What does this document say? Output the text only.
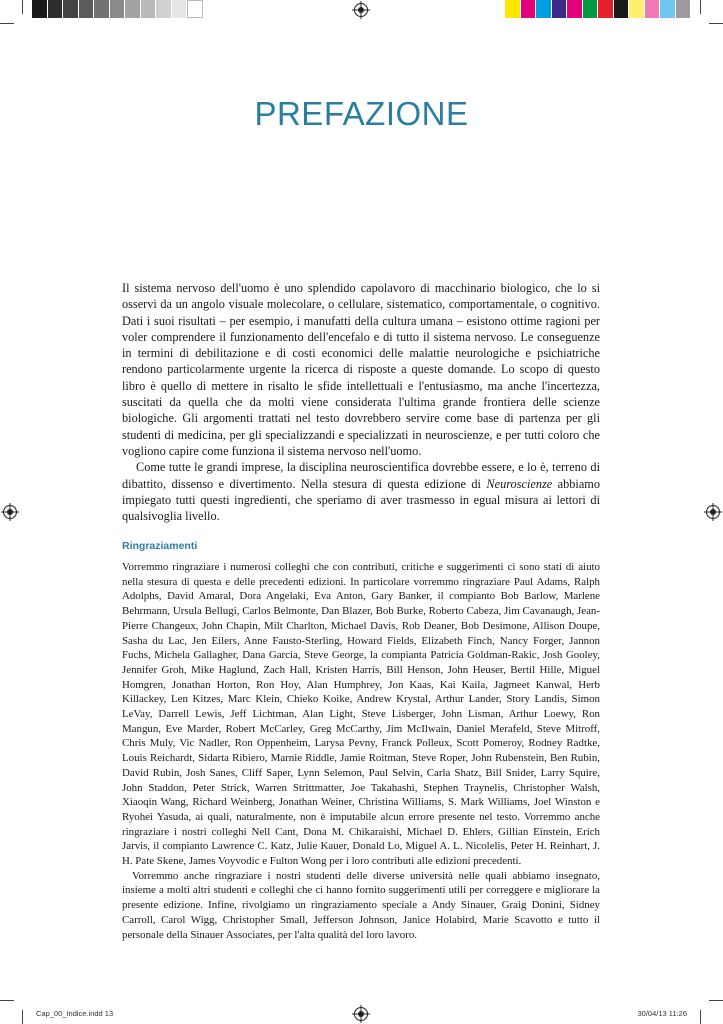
PREFAZIONE

Il sistema nervoso dell'uomo è uno splendido capolavoro di macchinario biologico, che lo si osservi da un angolo visuale molecolare, o cellulare, sistematico, comportamentale, o cognitivo. Dati i suoi risultati – per esempio, i manufatti della cultura umana – esistono ottime ragioni per voler comprendere il funzionamento dell'encefalo e di tutto il sistema nervoso. Le conseguenze in termini di debilitazione e di costi economici delle malattie neurologiche e psichiatriche rendono particolarmente urgente la ricerca di risposte a queste domande. Lo scopo di questo libro è quello di mettere in risalto le sfide intellettuali e l'entusiasmo, ma anche l'incertezza, suscitati da quella che da molti viene considerata l'ultima grande frontiera delle scienze biologiche. Gli argomenti trattati nel testo dovrebbero servire come base di partenza per gli studenti di medicina, per gli specializzandi e specializzati in neuroscienze, e per tutti coloro che vogliono capire come funziona il sistema nervoso nell'uomo.

Come tutte le grandi imprese, la disciplina neuroscientifica dovrebbe essere, e lo è, terreno di dibattito, dissenso e divertimento. Nella stesura di questa edizione di Neuroscienze abbiamo impiegato tutti questi ingredienti, che speriamo di aver trasmesso in egual misura ai lettori di qualsivoglia livello.

Ringraziamenti

Vorremmo ringraziare i numerosi colleghi che con contributi, critiche e suggerimenti ci sono stati di aiuto nella stesura di questa e delle precedenti edizioni. In particolare vorremmo ringraziare Paul Adams, Ralph Adolphs, David Amaral, Dora Angelaki, Eva Anton, Gary Banker, il compianto Bob Barlow, Marlene Behrmann, Ursula Bellugi, Carlos Belmonte, Dan Blazer, Bob Burke, Roberto Cabeza, Jim Cavanaugh, Jean-Pierre Changeux, John Chapin, Milt Charlton, Michael Davis, Rob Deaner, Bob Desimone, Allison Doupe, Sasha du Lac, Jen Eilers, Anne Fausto-Sterling, Howard Fields, Elizabeth Finch, Nancy Forger, Jannon Fuchs, Michela Gallagher, Dana Garcia, Steve George, la compianta Patricia Goldman-Rakic, Josh Gooley, Jennifer Groh, Mike Haglund, Zach Hall, Kristen Harris, Bill Henson, John Heuser, Bertil Hille, Miguel Homgren, Jonathan Horton, Ron Hoy, Alan Humphrey, Jon Kaas, Kai Kaila, Jagmeet Kanwal, Herb Killackey, Len Kitzes, Marc Klein, Chieko Koike, Andrew Krystal, Arthur Lander, Story Landis, Simon LeVay, Darrell Lewis, Jeff Lichtman, Alan Light, Steve Lisberger, John Lisman, Arthur Loewy, Ron Mangun, Eve Marder, Robert McCarley, Greg McCarthy, Jim McIlwain, Daniel Merafeld, Steve Mitroff, Chris Muly, Vic Nadler, Ron Oppenheim, Larysa Pevny, Franck Polleux, Scott Pomeroy, Rodney Radtke, Louis Reichardt, Sidarta Ribiero, Marnie Riddle, Jamie Roitman, Steve Roper, John Rubenstein, Ben Rubin, David Rubin, Josh Sanes, Cliff Saper, Lynn Selemon, Paul Selvin, Carla Shatz, Bill Snider, Larry Squire, John Staddon, Peter Strick, Warren Strittmatter, Joe Takahashi, Stephen Traynelis, Christopher Walsh, Xiaoqin Wang, Richard Weinberg, Jonathan Weiner, Christina Williams, S. Mark Williams, Joel Winston e Ryohei Yasuda, ai quali, naturalmente, non è imputabile alcun errore presente nel testo. Vorremmo anche ringraziare i nostri colleghi Nell Cant, Dona M. Chikaraishi, Michael D. Ehlers, Gillian Einstein, Erich Jarvis, il compianto Lawrence C. Katz, Julie Kauer, Donald Lo, Miguel A. L. Nicolelis, Peter H. Reinhart, J. H. Pate Skene, James Voyvodic e Fulton Wong per i loro contributi alle edizioni precedenti.

Vorremmo anche ringraziare i nostri studenti delle diverse università nelle quali abbiamo insegnato, insieme a molti altri studenti e colleghi che ci hanno fornito suggerimenti utili per correggere e migliorare la presente edizione. Infine, rivolgiamo un ringraziamento speciale a Andy Sinauer, Graig Donini, Sidney Carroll, Carol Wigg, Christopher Small, Jefferson Johnson, Janice Holabird, Marie Scavotto e tutto il personale della Sinauer Associates, per l'alta qualità del loro lavoro.

Cap_00_Indice.indd 13	30/04/13 11:26
